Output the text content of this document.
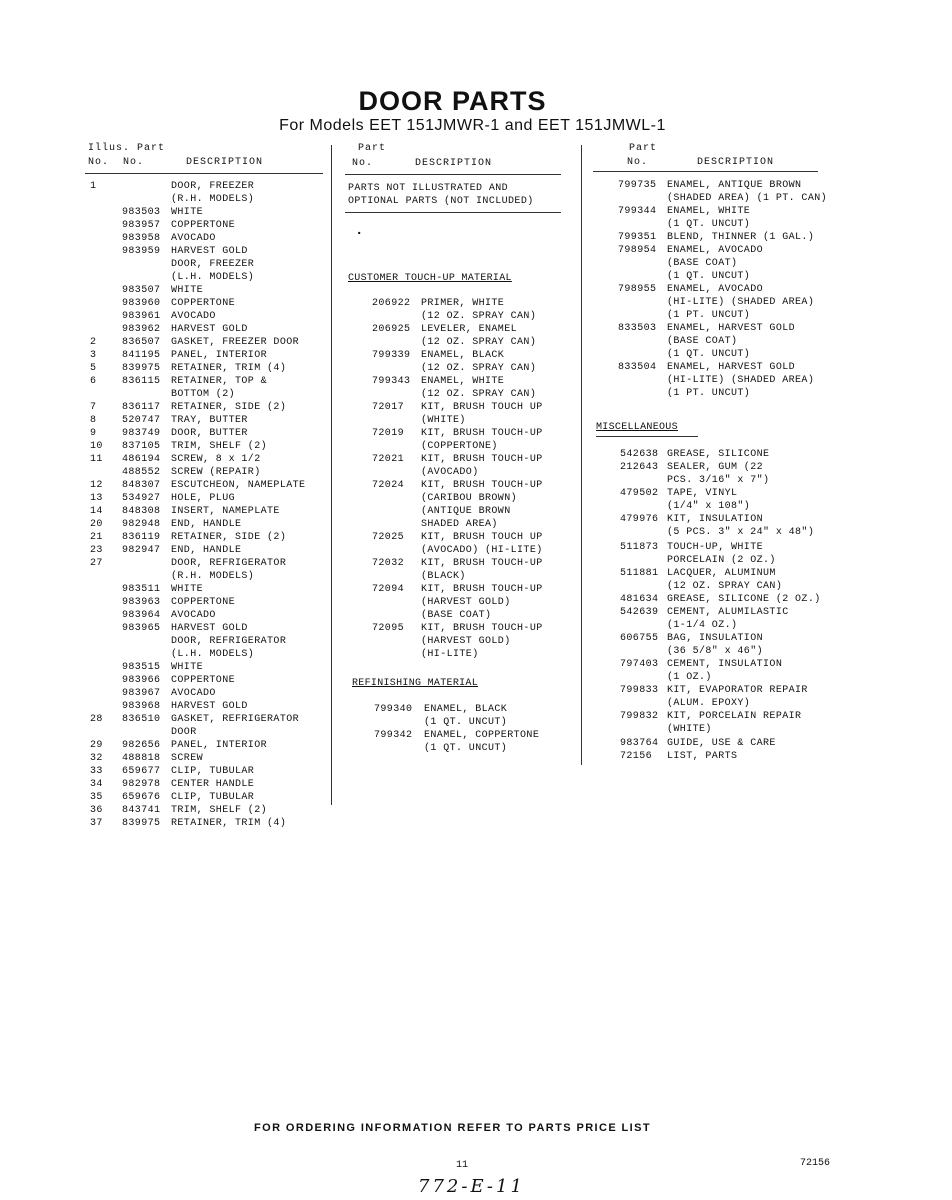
DOOR PARTS
For Models EET 151JMWR-1 and EET 151JMWL-1
Illus. Part
No.  No.      DESCRIPTION
Part
No.      DESCRIPTION
Part
No.       DESCRIPTION
1	DOOR, FREEZER
(R.H. MODELS)
983503 WHITE
983957 COPPERTONE
983958 AVOCADO
983959 HARVEST GOLD
DOOR, FREEZER
(L.H. MODELS)
983507 WHITE
983960 COPPERTONE
983961 AVOCADO
983962 HARVEST GOLD
2	836507 GASKET, FREEZER DOOR
3	841195 PANEL, INTERIOR
5	839975 RETAINER, TRIM (4)
6	836115 RETAINER, TOP &
BOTTOM (2)
7	836117 RETAINER, SIDE (2)
8	520747 TRAY, BUTTER
9	983749 DOOR, BUTTER
10 837105 TRIM, SHELF (2)
11 486194 SCREW, 8 x 1/2
488552 SCREW (REPAIR)
12 848307 ESCUTCHEON, NAMEPLATE
13 534927 HOLE, PLUG
14 848308 INSERT, NAMEPLATE
20 982948 END, HANDLE
21 836119 RETAINER, SIDE (2)
23 982947 END, HANDLE
27	DOOR, REFRIGERATOR
(R.H. MODELS)
983511 WHITE
983963 COPPERTONE
983964 AVOCADO
983965 HARVEST GOLD
DOOR, REFRIGERATOR
(L.H. MODELS)
983515 WHITE
983966 COPPERTONE
983967 AVOCADO
983968 HARVEST GOLD
28 836510 GASKET, REFRIGERATOR
DOOR
29 982656 PANEL, INTERIOR
32 488818 SCREW
33 659677 CLIP, TUBULAR
34 982978 CENTER HANDLE
35 659676 CLIP, TUBULAR
36 843741 TRIM, SHELF (2)
37 839975 RETAINER, TRIM (4)
PARTS NOT ILLUSTRATED AND
OPTIONAL PARTS (NOT INCLUDED)
·
CUSTOMER TOUCH-UP MATERIAL
206922 PRIMER, WHITE
(12 OZ. SPRAY CAN)
206925 LEVELER, ENAMEL
(12 OZ. SPRAY CAN)
799339 ENAMEL, BLACK
(12 OZ. SPRAY CAN)
799343 ENAMEL, WHITE
(12 OZ. SPRAY CAN)
72017 KIT, BRUSH TOUCH UP
(WHITE)
72019 KIT, BRUSH TOUCH-UP
(COPPERTONE)
72021 KIT, BRUSH TOUCH-UP
(AVOCADO)
72024 KIT, BRUSH TOUCH-UP
(CARIBOU BROWN)
(ANTIQUE BROWN
SHADED AREA)
72025 KIT, BRUSH TOUCH UP
(AVOCADO) (HI-LITE)
72032 KIT, BRUSH TOUCH-UP
(BLACK)
72094 KIT, BRUSH TOUCH-UP
(HARVEST GOLD)
(BASE COAT)
72095 KIT, BRUSH TOUCH-UP
(HARVEST GOLD)
(HI-LITE)
REFINISHING MATERIAL
799340 ENAMEL, BLACK
(1 QT. UNCUT)
799342 ENAMEL, COPPERTONE
(1 QT. UNCUT)
799735 ENAMEL, ANTIQUE BROWN
(SHADED AREA) (1 PT. CAN)
799344 ENAMEL, WHITE
(1 QT. UNCUT)
799351 BLEND, THINNER (1 GAL.)
798954 ENAMEL, AVOCADO
(BASE COAT)
(1 QT. UNCUT)
798955 ENAMEL, AVOCADO
(HI-LITE) (SHADED AREA)
(1 PT. UNCUT)
833503 ENAMEL, HARVEST GOLD
(BASE COAT)
(1 QT. UNCUT)
833504 ENAMEL, HARVEST GOLD
(HI-LITE) (SHADED AREA)
(1 PT. UNCUT)
MISCELLANEOUS
542638 GREASE, SILICONE
212643 SEALER, GUM (22
PCS. 3/16" x 7")
479502 TAPE, VINYL
(1/4" x 108")
479976 KIT, INSULATION
(5 PCS. 3" x 24" x 48")
511873 TOUCH-UP, WHITE
PORCELAIN (2 OZ.)
511881 LACQUER, ALUMINUM
(12 OZ. SPRAY CAN)
481634 GREASE, SILICONE (2 OZ.)
542639 CEMENT, ALUMILASTIC
(1-1/4 OZ.)
606755 BAG, INSULATION
(36 5/8" x 46")
797403 CEMENT, INSULATION
(1 OZ.)
799833 KIT, EVAPORATOR REPAIR
(ALUM. EPOXY)
799832 KIT, PORCELAIN REPAIR
(WHITE)
983764 GUIDE, USE & CARE
72156 LIST, PARTS
FOR ORDERING INFORMATION REFER TO PARTS PRICE LIST
11	72156
772-E-11
